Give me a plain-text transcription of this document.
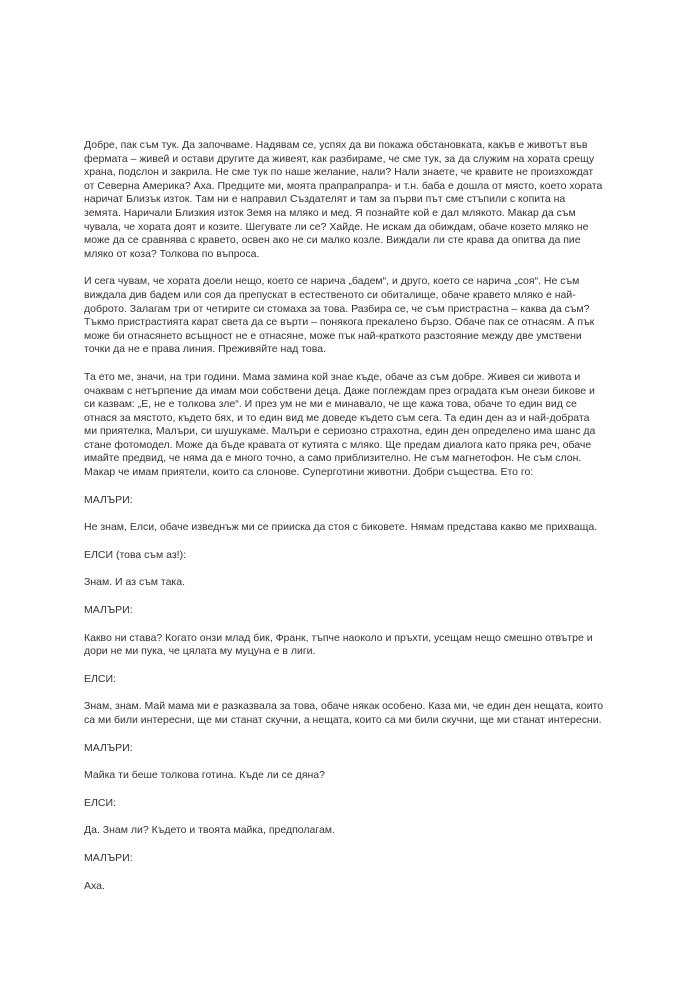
Добре, пак съм тук. Да започваме. Надявам се, успях да ви покажа обстановката, какъв е животът във фермата – живей и остави другите да живеят, как разбираме, че сме тук, за да служим на хората срещу храна, подслон и закрила. Не сме тук по наше желание, нали? Нали знаете, че кравите не произхождат от Северна Америка? Аха. Предците ми, моята прапрапрапра- и т.н. баба е дошла от място, което хората наричат Близък изток. Там ни е направил Създателят и там за първи път сме стъпили с копита на земята. Наричали Близкия изток Земя на мляко и мед. Я познайте кой е дал млякото. Макар да съм чувала, че хората доят и козите. Шегувате ли се? Хайде. Не искам да обиждам, обаче козето мляко не може да се сравнява с кравето, освен ако не си малко козле. Виждали ли сте крава да опитва да пие мляко от коза? Толкова по въпроса.

И сега чувам, че хората доели нещо, което се нарича „бадем“, и друго, което се нарича „соя“. Не съм виждала див бадем или соя да препускат в естественото си обиталище, обаче кравето мляко е най-доброто. Залагам три от четирите си стомаха за това. Разбира се, че съм пристрастна – каква да съм? Тъкмо пристрастията карат света да се върти – понякога прекалено бързо. Обаче пак се отнасям. А пък може би отнасянето всъщност не е отнасяне, може пък най-краткото разстояние между две умствени точки да не е права линия. Преживяйте над това.

Та ето ме, значи, на три години. Мама замина кой знае къде, обаче аз съм добре. Живея си живота и очаквам с нетърпение да имам мои собствени деца. Даже поглеждам през оградата към онези бикове и си казвам: „Е, не е толкова зле“. И през ум не ми е минавало, че ще кажа това, обаче то един вид се отнася за мястото, където бях, и то един вид ме доведе където съм сега. Та един ден аз и най-добрата ми приятелка, Малъри, си шушукаме. Малъри е сериозно страхотна, един ден определено има шанс да стане фотомодел. Може да бъде кравата от кутията с мляко. Ще предам диалога като пряка реч, обаче имайте предвид, че няма да е много точно, а само приблизително. Не съм магнетофон. Не съм слон. Макар че имам приятели, които са слонове. Суперготини животни. Добри същества. Ето го:

МАЛЪРИ:

Не знам, Елси, обаче изведнъж ми се приискa да стоя с биковете. Нямам представа какво ме прихваща.

ЕЛСИ (това съм аз!):

Знам. И аз съм така.

МАЛЪРИ:

Какво ни става? Когато онзи млад бик, Франк, тъпче наоколо и пръхти, усещам нещо смешно отвътре и дори не ми пука, че цялата му муцуна е в лиги.

ЕЛСИ:

Знам, знам. Май мама ми е разказвала за това, обаче някак особено. Каза ми, че един ден нещата, които са ми били интересни, ще ми станат скучни, а нещата, които са ми били скучни, ще ми станат интересни.

МАЛЪРИ:

Майка ти беше толкова готина. Къде ли се дяна?

ЕЛСИ:

Да. Знам ли? Където и твоята майка, предполагам.

МАЛЪРИ:

Аха.
